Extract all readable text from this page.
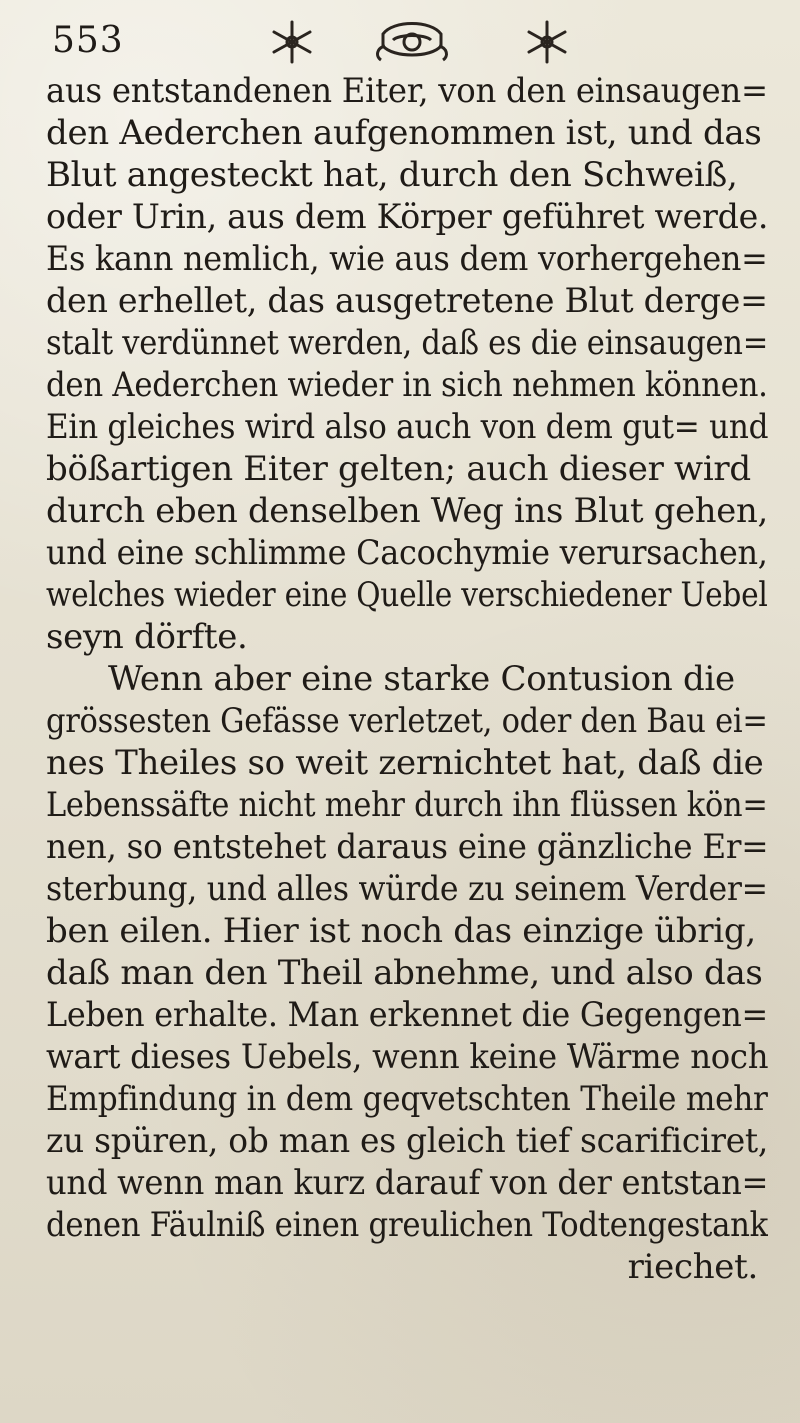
553
aus entstandenen Eiter, von den einsaugen=
den Aederchen aufgenommen ist, und das
Blut angesteckt hat, durch den Schweiß,
oder Urin, aus dem Körper geführet werde.
Es kann nemlich, wie aus dem vorhergehen=
den erhellet, das ausgetretene Blut derge=
stalt verdünnet werden, daß es die einsaugen=
den Aederchen wieder in sich nehmen können.
Ein gleiches wird also auch von dem gut= und
bößartigen Eiter gelten; auch dieser wird
durch eben denselben Weg ins Blut gehen,
und eine schlimme Cacochymie verursachen,
welches wieder eine Quelle verschiedener Uebel
seyn dörfte.
Wenn aber eine starke Contusion die
grössesten Gefässe verletzet, oder den Bau ei=
nes Theiles so weit zernichtet hat, daß die
Lebenssäfte nicht mehr durch ihn flüssen kön=
nen, so entstehet daraus eine gänzliche Er=
sterbung, und alles würde zu seinem Verder=
ben eilen. Hier ist noch das einzige übrig,
daß man den Theil abnehme, und also das
Leben erhalte. Man erkennet die Gegengen=
wart dieses Uebels, wenn keine Wärme noch
Empfindung in dem geqvetschten Theile mehr
zu spüren, ob man es gleich tief scarificiret,
und wenn man kurz darauf von der entstan=
denen Fäulniß einen greulichen Todtengestank
riechet.
